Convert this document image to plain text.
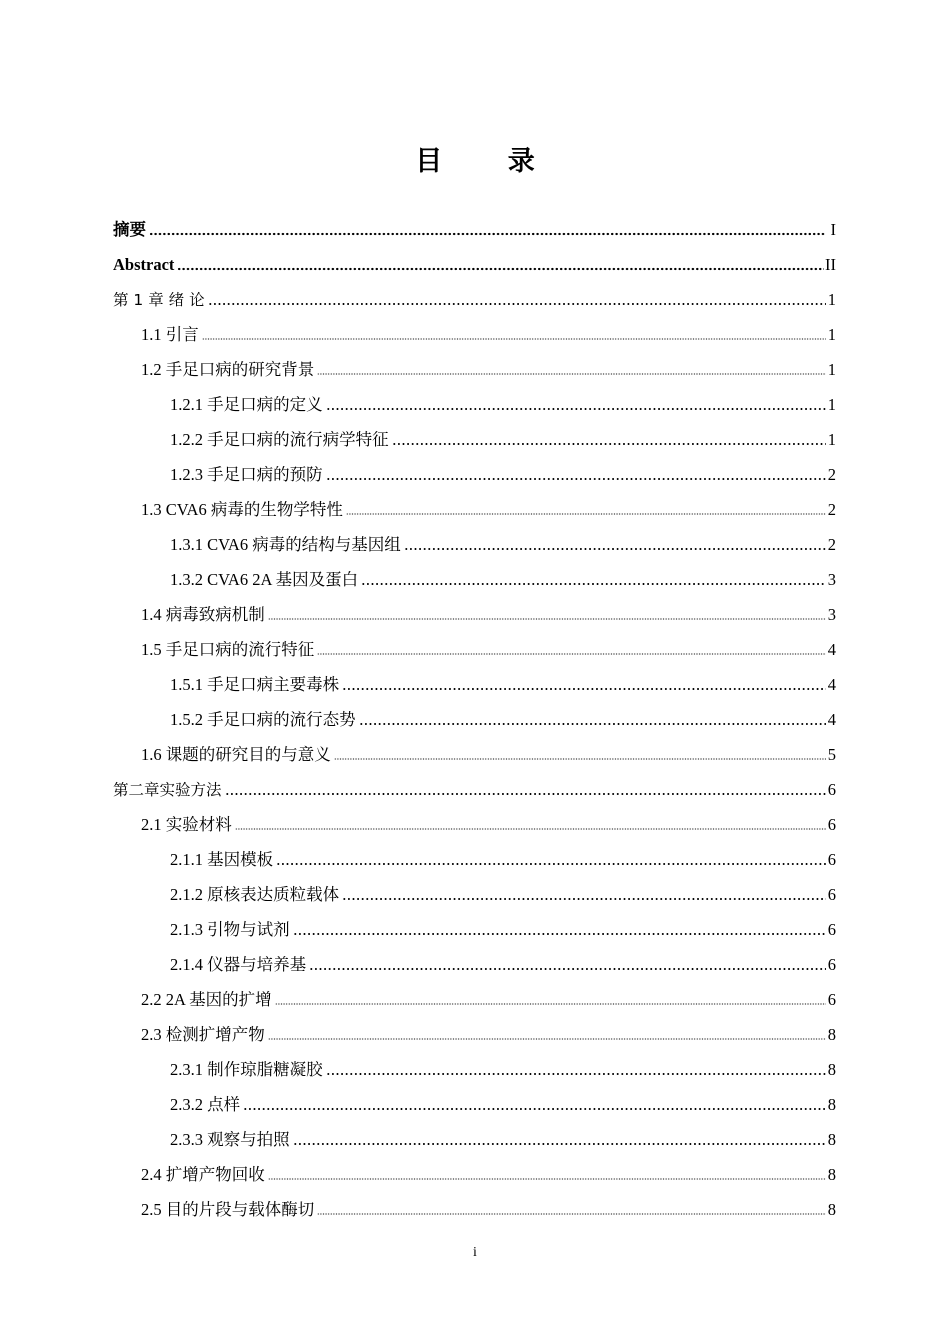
目 录
摘要	I
Abstract	II
第 1 章 绪 论	1
1.1 引言	1
1.2 手足口病的研究背景	1
1.2.1 手足口病的定义	1
1.2.2 手足口病的流行病学特征	1
1.2.3 手足口病的预防	2
1.3 CVA6 病毒的生物学特性	2
1.3.1 CVA6 病毒的结构与基因组	2
1.3.2 CVA6 2A 基因及蛋白	3
1.4 病毒致病机制	3
1.5 手足口病的流行特征	4
1.5.1 手足口病主要毒株	4
1.5.2 手足口病的流行态势	4
1.6 课题的研究目的与意义	5
第二章实验方法	6
2.1 实验材料	6
2.1.1 基因模板	6
2.1.2 原核表达质粒载体	6
2.1.3 引物与试剂	6
2.1.4 仪器与培养基	6
2.2 2A 基因的扩增	6
2.3 检测扩增产物	8
2.3.1 制作琼脂糖凝胶	8
2.3.2 点样	8
2.3.3 观察与拍照	8
2.4 扩增产物回收	8
2.5 目的片段与载体酶切	8
i
